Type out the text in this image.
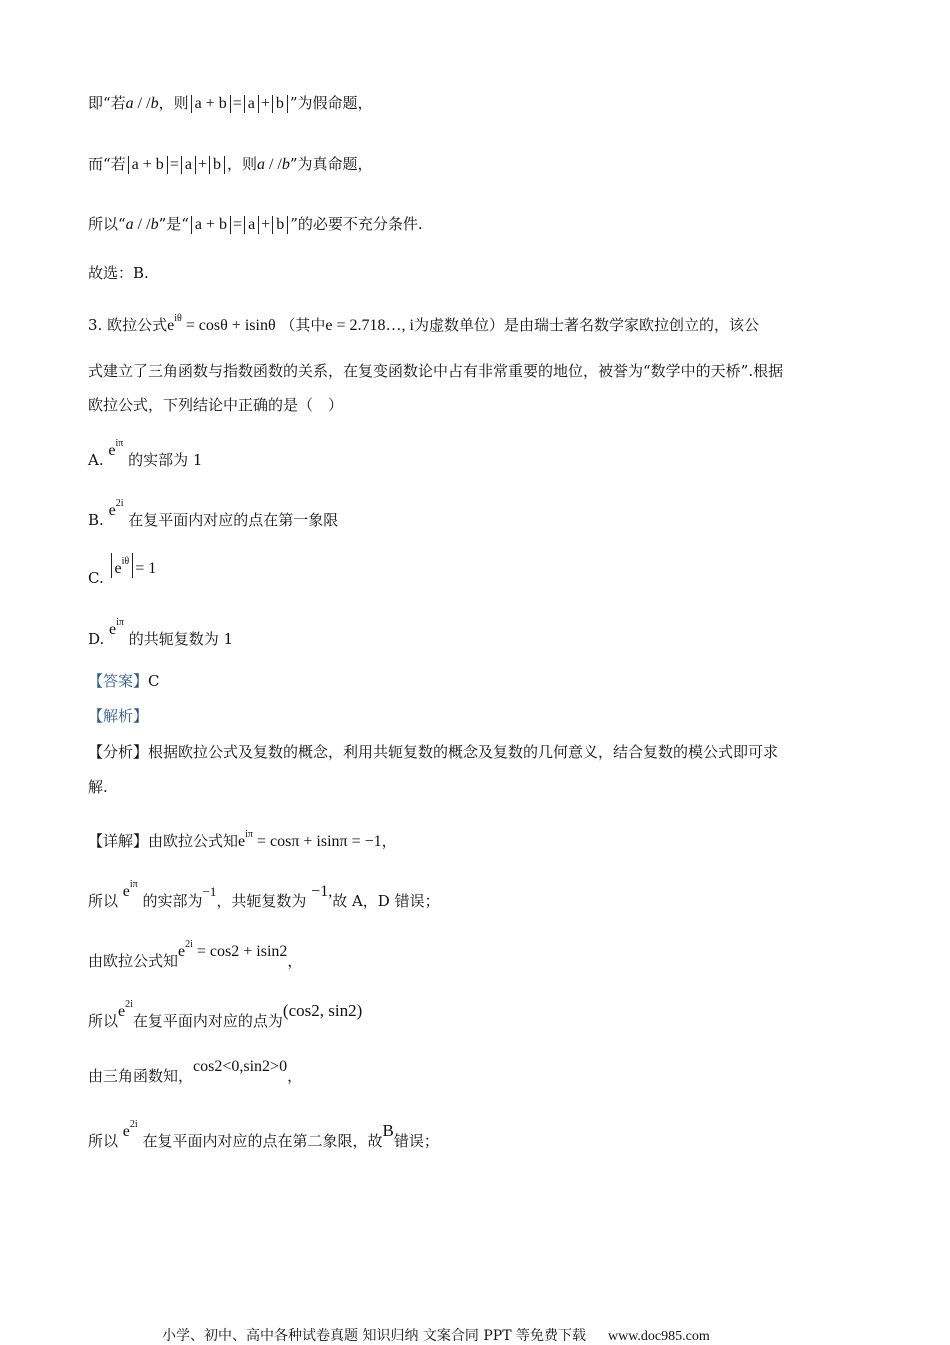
即“若a / /b，则 a + b = a + b ”为假命题，
而“若 a + b = a + b ，则a / /b”为真命题，
所以“a / /b”是“ a + b = a + b ”的必要不充分条件.
故选：B.
3. 欧拉公式$e^{i\theta} = \cos\theta + isin\theta$ （其中e = 2.718…, i为虚数单位）是由瑞士著名数学家欧拉创立的，该公
式建立了三角函数与指数函数的关系，在复变函数论中占有非常重要的地位，被誉为“数学中的天桥”.根据
欧拉公式，下列结论中正确的是（　）
A. $e^{i\pi}$ 的实部为 1
B. $e^{2i}$ 在复平面内对应的点在第一象限
C. $e^{i\theta} = 1$
D. $e^{i\pi}$ 的共轭复数为 1
【答案】C
【解析】
【分析】根据欧拉公式及复数的概念，利用共轭复数的概念及复数的几何意义，结合复数的模公式即可求
解.
【详解】由欧拉公式知$e^{i\pi} = \cos\pi + isin\pi = -1$，
所以 $e^{i\pi}$ 的实部为−1，共轭复数为 −1,故 A，D 错误；
由欧拉公式知$e^{2i} = \cos 2 + isin2$，
所以$e^{2i}$在复平面内对应的点为(cos2, sin2)
由三角函数知，cos2<0,sin2>0，
所以 $e^{2i}$ 在复平面内对应的点在第二象限，故B错误；
小学、初中、高中各种试卷真题 知识归纳 文案合同 PPT 等免费下载 www.doc985.com
